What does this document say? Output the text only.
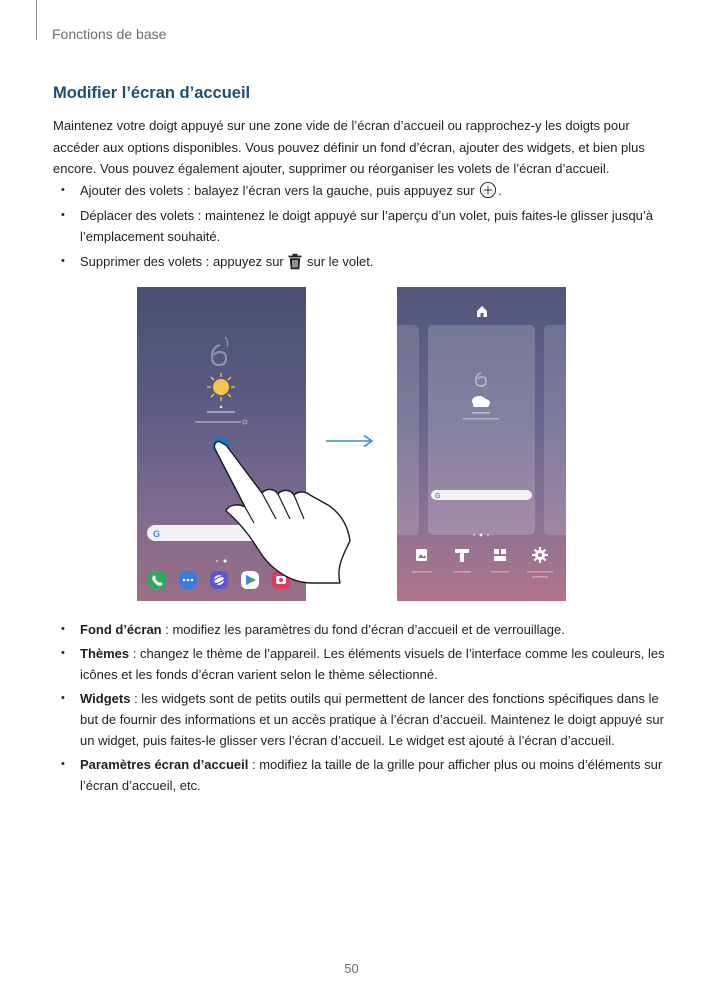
Fonctions de base
Modifier l’écran d’accueil

Maintenez votre doigt appuyé sur une zone vide de l’écran d’accueil ou rapprochez-y les doigts pour accéder aux options disponibles. Vous pouvez définir un fond d’écran, ajouter des widgets, et bien plus encore. Vous pouvez également ajouter, supprimer ou réorganiser les volets de l’écran d’accueil.

• Ajouter des volets : balayez l’écran vers la gauche, puis appuyez sur .
• Déplacer des volets : maintenez le doigt appuyé sur l’aperçu d’un volet, puis faites-le glisser jusqu’à l’emplacement souhaité.
• Supprimer des volets : appuyez sur  sur le volet.
G
G
• Fond d’écran : modifiez les paramètres du fond d’écran d’accueil et de verrouillage.
• Thèmes : changez le thème de l’appareil. Les éléments visuels de l’interface comme les couleurs, les icônes et les fonds d’écran varient selon le thème sélectionné.
• Widgets : les widgets sont de petits outils qui permettent de lancer des fonctions spécifiques dans le but de fournir des informations et un accès pratique à l’écran d’accueil. Maintenez le doigt appuyé sur un widget, puis faites-le glisser vers l’écran d’accueil. Le widget est ajouté à l’écran d’accueil.
• Paramètres écran d’accueil : modifiez la taille de la grille pour afficher plus ou moins d’éléments sur l’écran d’accueil, etc.
50
